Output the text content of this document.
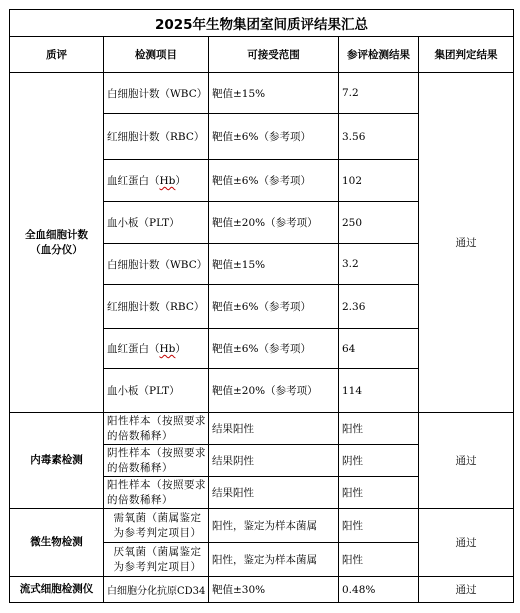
2025年生物集团室间质评结果汇总				
质评	检测项目	可接受范围	参评检测结果	集团判定结果

全血细胞计数
（血分仪）	白细胞计数（WBC）	靶值±15%	7.2	通过
	红细胞计数（RBC）	靶值±6%（参考项）	3.56	
	血红蛋白（Hb）	靶值±6%（参考项）	102	
	血小板（PLT）	靶值±20%（参考项）	250	
	白细胞计数（WBC）	靶值±15%	3.2	
	红细胞计数（RBC）	靶值±6%（参考项）	2.36	
	血红蛋白（Hb）	靶值±6%（参考项）	64	
	血小板（PLT）	靶值±20%（参考项）	114	
内毒素检测	阳性样本（按照要求
的倍数稀释）	结果阳性	阳性	通过

	阴性样本（按照要求
的倍数稀释）	结果阴性	阴性	

	阳性样本（按照要求
的倍数稀释）	结果阳性	阳性	
微生物检测	需氧菌（菌属鉴定
为参考判定项目）	阳性，鉴定为样本菌属	阳性	通过

	厌氧菌（菌属鉴定
为参考判定项目）	阳性，鉴定为样本菌属	阳性	
流式细胞检测仪	白细胞分化抗原CD34	靶值±30%	0.48%	通过
